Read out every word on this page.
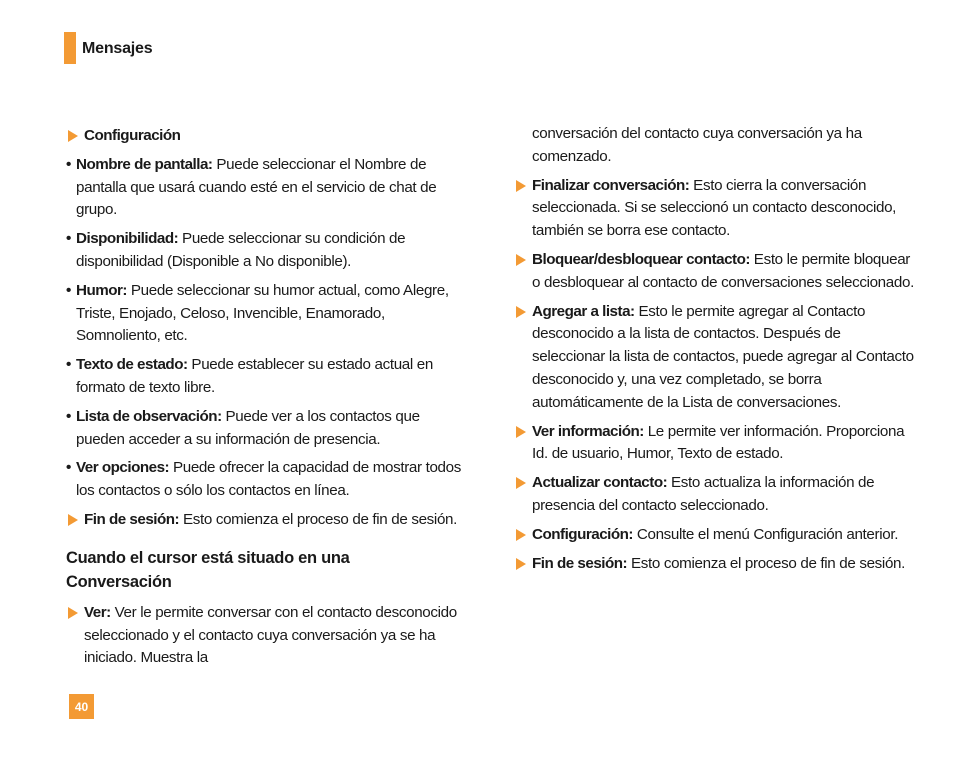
Mensajes
Configuración
• Nombre de pantalla: Puede seleccionar el Nombre de pantalla que usará cuando esté en el servicio de chat de grupo.
• Disponibilidad: Puede seleccionar su condición de disponibilidad (Disponible a No disponible).
• Humor: Puede seleccionar su humor actual, como Alegre, Triste, Enojado, Celoso, Invencible, Enamorado, Somnoliento, etc.
• Texto de estado: Puede establecer su estado actual en formato de texto libre.
• Lista de observación: Puede ver a los contactos que pueden acceder a su información de presencia.
• Ver opciones: Puede ofrecer la capacidad de mostrar todos los contactos o sólo los contactos en línea.
Fin de sesión: Esto comienza el proceso de fin de sesión.
Cuando el cursor está situado en una Conversación
Ver: Ver le permite conversar con el contacto desconocido seleccionado y el contacto cuya conversación ya se ha iniciado. Muestra la
conversación del contacto cuya conversación ya ha comenzado.
Finalizar conversación: Esto cierra la conversación seleccionada. Si se seleccionó un contacto desconocido, también se borra ese contacto.
Bloquear/desbloquear contacto: Esto le permite bloquear o desbloquear al contacto de conversaciones seleccionado.
Agregar a lista: Esto le permite agregar al Contacto desconocido a la lista de contactos. Después de seleccionar la lista de contactos, puede agregar al Contacto desconocido y, una vez completado, se borra automáticamente de la Lista de conversaciones.
Ver información: Le permite ver información. Proporciona Id. de usuario, Humor, Texto de estado.
Actualizar contacto: Esto actualiza la información de presencia del contacto seleccionado.
Configuración: Consulte el menú Configuración anterior.
Fin de sesión: Esto comienza el proceso de fin de sesión.
40
